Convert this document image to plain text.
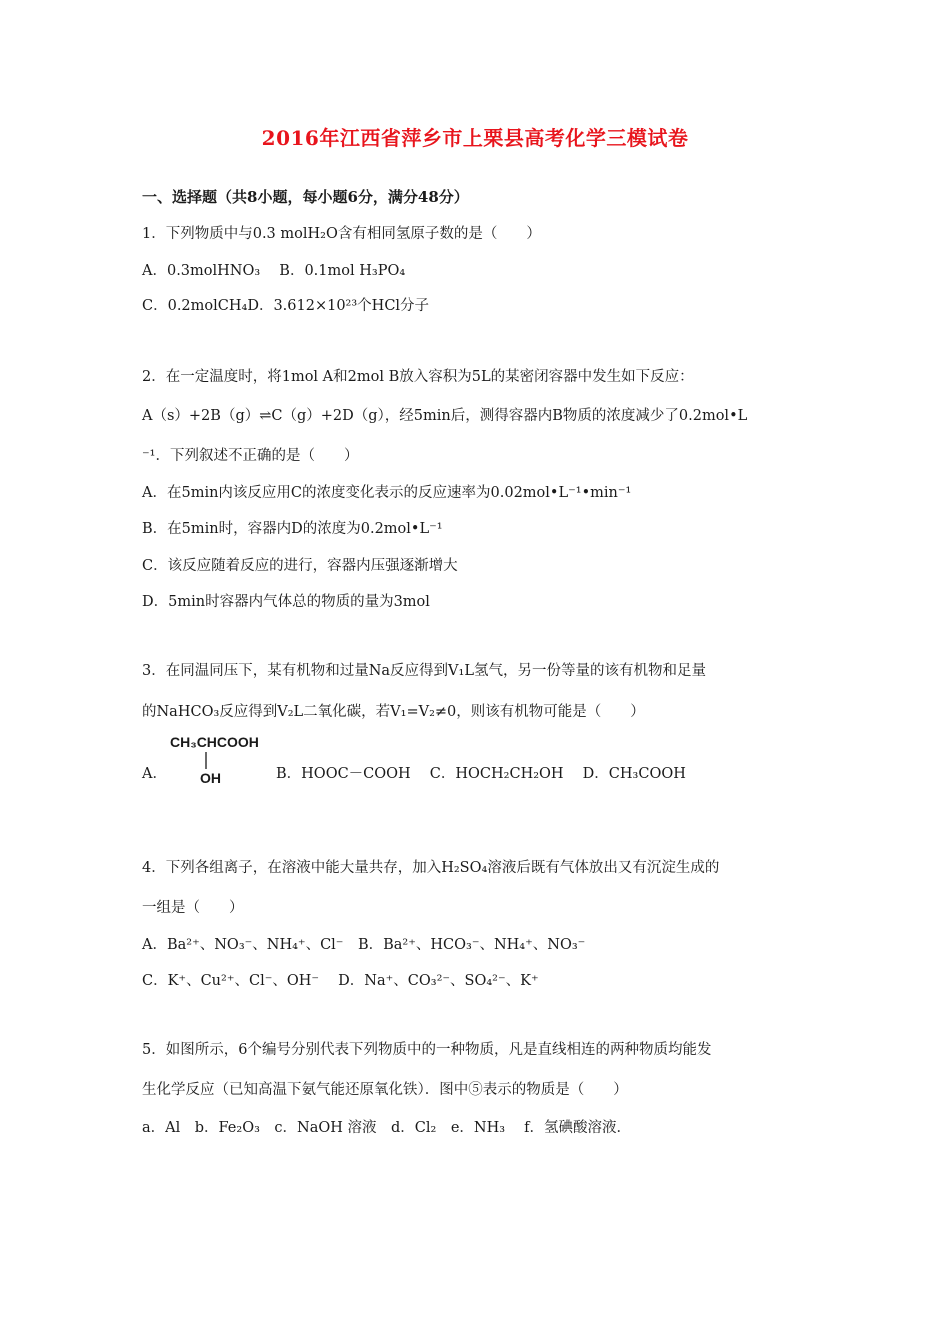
2016年江西省萍乡市上栗县高考化学三模试卷
一、选择题（共8小题，每小题6分，满分48分）
1．下列物质中与0.3 molH₂O含有相同氢原子数的是（　　）
A．0.3molHNO₃　 B．0.1mol H₃PO₄
C．0.2molCH₄D．3.612×10²³个HCl分子
2．在一定温度时，将1mol A和2mol B放入容积为5L的某密闭容器中发生如下反应：
A（s）+2B（g）⇌C（g）+2D（g），经5min后，测得容器内B物质的浓度减少了0.2mol•L
⁻¹．下列叙述不正确的是（　　）
A．在5min内该反应用C的浓度变化表示的反应速率为0.02mol•L⁻¹•min⁻¹
B．在5min时，容器内D的浓度为0.2mol•L⁻¹
C．该反应随着反应的进行，容器内压强逐渐增大
D．5min时容器内气体总的物质的量为3mol
3．在同温同压下，某有机物和过量Na反应得到V₁L氢气，另一份等量的该有机物和足量
的NaHCO₃反应得到V₂L二氧化碳，若V₁=V₂≠0，则该有机物可能是（　　）
A．
CH₃CHCOOH
OH	B．HOOC－COOH　 C．HOCH₂CH₂OH　 D．CH₃COOH
4．下列各组离子，在溶液中能大量共存，加入H₂SO₄溶液后既有气体放出又有沉淀生成的
一组是（　　）
A．Ba²⁺、NO₃⁻、NH₄⁺、Cl⁻　B．Ba²⁺、HCO₃⁻、NH₄⁺、NO₃⁻
C．K⁺、Cu²⁺、Cl⁻、OH⁻　 D．Na⁺、CO₃²⁻、SO₄²⁻、K⁺
5．如图所示，6个编号分别代表下列物质中的一种物质，凡是直线相连的两种物质均能发
生化学反应（已知高温下氨气能还原氧化铁）．图中⑤表示的物质是（　　）
a．Al　b．Fe₂O₃　c．NaOH 溶液　d．Cl₂　e．NH₃　 f．氢碘酸溶液．
